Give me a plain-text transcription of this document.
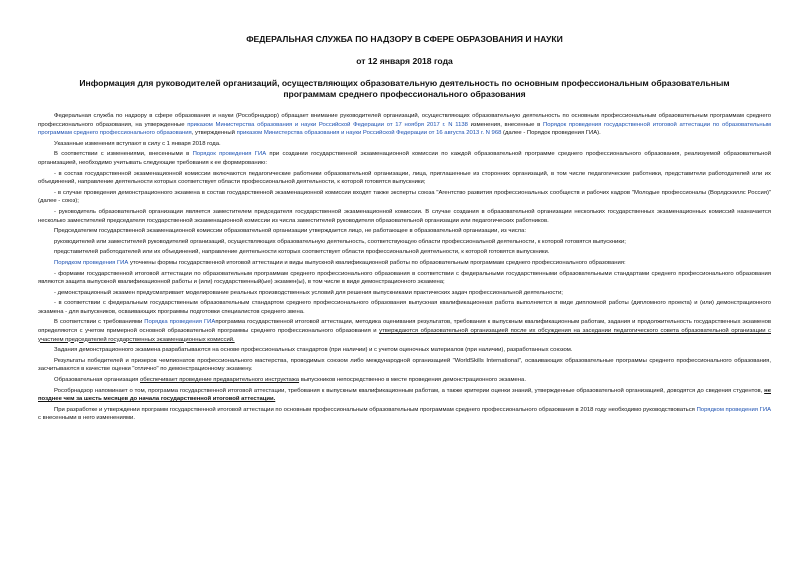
ФЕДЕРАЛЬНАЯ СЛУЖБА ПО НАДЗОРУ В СФЕРЕ ОБРАЗОВАНИЯ И НАУКИ
от 12 января 2018 года
Информация для руководителей организаций, осуществляющих образовательную деятельность по основным профессиональным образовательным программам среднего профессионального образования

Федеральная служба по надзору в сфере образования и науки (Рособрнадзор) обращает внимание руководителей организаций, осуществляющих образовательную деятельность по основным профессиональным образовательным программам среднего профессионального образования, на утвержденные приказом Министерства образования и науки Российской Федерации от 17 ноября 2017 г. N 1138 изменения, внесенные в Порядок проведения государственной итоговой аттестации по образовательным программам среднего профессионального образования, утвержденный приказом Министерства образования и науки Российской Федерации от 16 августа 2013 г. N 968 (далее - Порядок проведения ГИА).

Указанные изменения вступают в силу с 1 января 2018 года.

В соответствии с изменениями, внесенными в Порядок проведения ГИА при создании государственной экзаменационной комиссии по каждой образовательной программе среднего профессионального образования, реализуемой образовательной организацией, необходимо учитывать следующие требования к ее формированию:

- в состав государственной экзаменационной комиссии включаются педагогические работники образовательной организации, лица, приглашенные из сторонних организаций, в том числе педагогические работники, представители работодателей или их объединений, направление деятельности которых соответствует области профессиональной деятельности, к которой готовятся выпускники;

- в случае проведения демонстрационного экзамена в состав государственной экзаменационной комиссии входят также эксперты союза "Агентство развития профессиональных сообществ и рабочих кадров "Молодые профессионалы (Ворлдскиллс Россия)" (далее - союз);

- руководитель образовательной организации является заместителем председателя государственной экзаменационной комиссии. В случае создания в образовательной организации нескольких государственных экзаменационных комиссий назначается несколько заместителей председателя государственной экзаменационной комиссии из числа заместителей руководителя образовательной организации или педагогических работников.

Председателем государственной экзаменационной комиссии образовательной организации утверждается лицо, не работающее в образовательной организации, из числа:

руководителей или заместителей руководителей организаций, осуществляющих образовательную деятельность, соответствующую области профессиональной деятельности, к которой готовятся выпускники;

представителей работодателей или их объединений, направление деятельности которых соответствует области профессиональной деятельности, к которой готовятся выпускники.

Порядком проведения ГИА уточнены формы государственной итоговой аттестации и виды выпускной квалификационной работы по образовательным программам среднего профессионального образования:

- формами государственной итоговой аттестации по образовательным программам среднего профессионального образования в соответствии с федеральными государственными образовательными стандартами среднего профессионального образования являются защита выпускной квалификационной работы и (или) государственный(ые) экзамен(ы), в том числе в виде демонстрационного экзамена;

- демонстрационный экзамен предусматривает моделирование реальных производственных условий для решения выпускниками практических задач профессиональной деятельности;

- в соответствии с федеральным государственным образовательным стандартом среднего профессионального образования выпускная квалификационная работа выполняется в виде дипломной работы (дипломного проекта) и (или) демонстрационного экзамена - для выпускников, осваивающих программы подготовки специалистов среднего звена.

В соответствии с требованиями Порядка проведения ГИАпрограмма государственной итоговой аттестации, методика оценивания результатов, требования к выпускным квалификационным работам, задания и продолжительность государственных экзаменов определяются с учетом примерной основной образовательной программы среднего профессионального образования и утверждаются образовательной организацией после их обсуждения на заседании педагогического совета образовательной организации с участием председателей государственных экзаменационных комиссий.

Задания демонстрационного экзамена разрабатываются на основе профессиональных стандартов (при наличии) и с учетом оценочных материалов (при наличии), разработанных союзом.

Результаты победителей и призеров чемпионатов профессионального мастерства, проводимых союзом либо международной организацией "WorldSkills International", осваивающих образовательные программы среднего профессионального образования, засчитываются в качестве оценки "отлично" по демонстрационному экзамену.

Образовательная организация обеспечивает проведение предварительного инструктажа выпускников непосредственно в месте проведения демонстрационного экзамена.

Рособрнадзор напоминает о том, программа государственной итоговой аттестации, требования к выпускным квалификационным работам, а также критерии оценки знаний, утвержденные образовательной организацией, доводятся до сведения студентов, не позднее чем за шесть месяцев до начала государственной итоговой аттестации.

При разработке и утверждении программ государственной итоговой аттестации по основным профессиональным образовательным программам среднего профессионального образования в 2018 году необходимо руководствоваться Порядком проведения ГИА с внесенными в него изменениями.
